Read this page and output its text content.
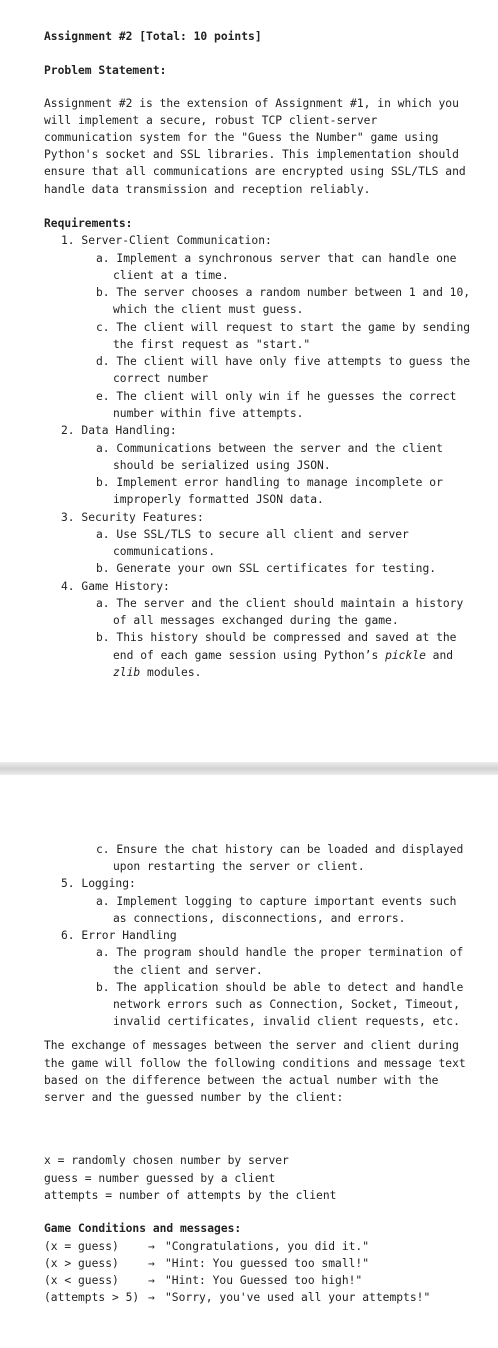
Assignment #2 [Total: 10 points]
Problem Statement:
Assignment #2 is the extension of Assignment #1, in which you
will implement a secure, robust TCP client-server
communication system for the "Guess the Number" game using
Python's socket and SSL libraries. This implementation should
ensure that all communications are encrypted using SSL/TLS and
handle data transmission and reception reliably.
Requirements:
1. Server-Client Communication:
a. Implement a synchronous server that can handle one
client at a time.
b. The server chooses a random number between 1 and 10,
which the client must guess.
c. The client will request to start the game by sending
the first request as "start."
d. The client will have only five attempts to guess the
correct number
e. The client will only win if he guesses the correct
number within five attempts.
2. Data Handling:
a. Communications between the server and the client
should be serialized using JSON.
b. Implement error handling to manage incomplete or
improperly formatted JSON data.
3. Security Features:
a. Use SSL/TLS to secure all client and server
communications.
b. Generate your own SSL certificates for testing.
4. Game History:
a. The server and the client should maintain a history
of all messages exchanged during the game.
b. This history should be compressed and saved at the
end of each game session using Python’s pickle and
zlib modules.
c. Ensure the chat history can be loaded and displayed
upon restarting the server or client.
5. Logging:
a. Implement logging to capture important events such
as connections, disconnections, and errors.
6. Error Handling
a. The program should handle the proper termination of
the client and server.
b. The application should be able to detect and handle
network errors such as Connection, Socket, Timeout,
invalid certificates, invalid client requests, etc.
The exchange of messages between the server and client during
the game will follow the following conditions and message text
based on the difference between the actual number with the
server and the guessed number by the client:
x = randomly chosen number by server
guess = number guessed by a client
attempts = number of attempts by the client
Game Conditions and messages:
(x = guess)	→ "Congratulations, you did it."
(x > guess)	→ "Hint: You guessed too small!"
(x < guess)	→ "Hint: You Guessed too high!"
(attempts > 5) → "Sorry, you've used all your attempts!"
